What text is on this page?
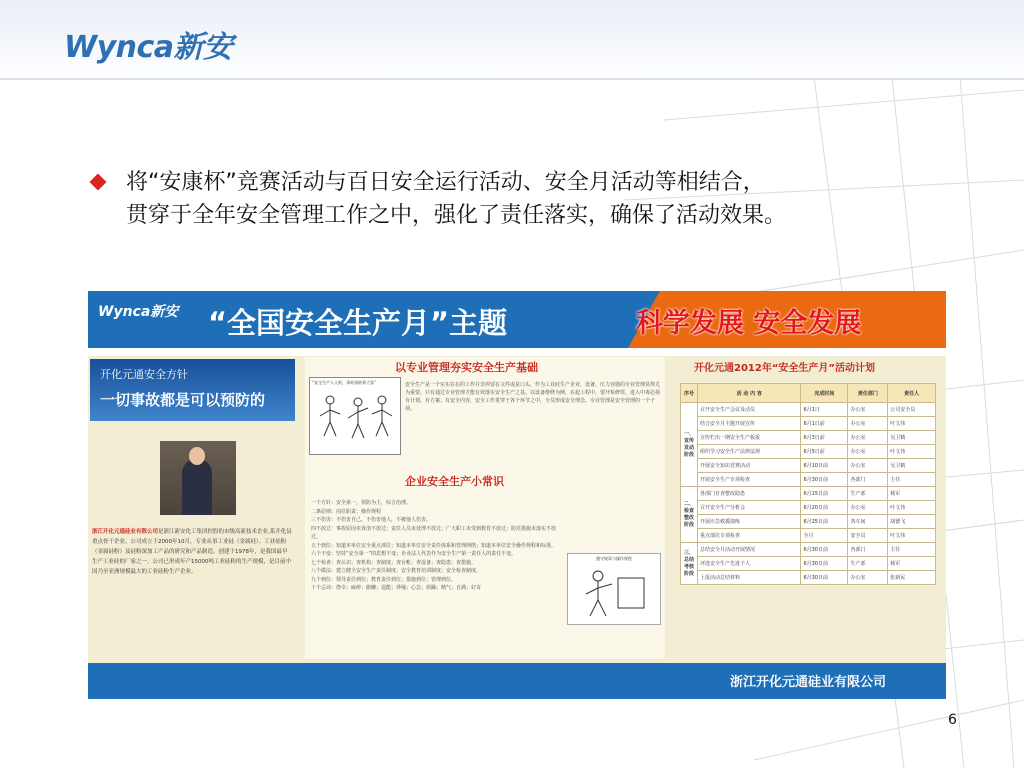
Wynca新安
将“安康杯”竞赛活动与百日安全运行活动、安全月活动等相结合，
贯穿于全年安全管理工作之中，强化了责任落实，确保了活动效果。
Wynca新安 “全国安全生产月”主题	科学发展 安全发展
开化元通安全方针
一切事故都是可以预防的
浙江开化元通硅业有限公司是浙江新安化工集团控股的市级高新技术企业,系开化县重点骨干企业。公司成立于2000年10月，专业从事工业硅（金属硅）、工业硅粉（金属硅粉）及硅粉深加工产品的研究和产品制造。创建于1978年，是我国最早生产工业硅的厂家之一。公司已形成年产15000吨工业硅粉的生产规模，是目前中国乃至亚洲规模最大的工业硅粉生产企业。
以专业管理夯实安全生产基础
“安全生产人人抓，事故预防靠大家”	安全生产是一个实实在在的工作并非停留在文件或是口头，作为工业硅生产企业，设备、压力容器的专业管理显得尤为重要，只有通过专业管理才能有效落实安全生产之基。以设备维修为例，在起工程中，要开检修票，进入中毒必须有计划、有方案、有安全内容，安全工作贯穿于各个环节之中，全员形成安全理念，专业管理是安全管理的一个子项。
企业安全生产小常识
一个方针：安全第一，预防为主，综合治理。
二条原则：岗位职责；操作规程
三不伤害：不伤害自己，不伤害他人，不被他人伤害。
四不放过：事故原因未查清不放过；责任人员未处理不放过；广大职工未受到教育不放过；防范措施未落实不放过。
五个到位：知道本单位安全重点部位；知道本单位安全责任体系和管理网络；知道本单位安全操作规程和标准。
六个不变：坚持“安全第一”的思想不变；企业法人代表作为安全生产第一责任人的责任不变。
七个检查：查认识；查机构；查制度；查台帐；查设备；查隐患；查措施。
八个做法：建立健全安全生产责任制度；安全教育培训制度；安全检查制度。
九个到位：领导责任到位；教育责任到位；措施到位；管理到位。
十个忌讳：侥幸；麻痹；偷懒；逞能；莽撞；心急；烦躁；赌气；自满；好奇
遵守规章与操作规程
开化元通2012年“安全生产月”活动计划
序号	活 动 内 容	完成时间	责任部门	责任人
一、宣传发动阶段	召开安全生产会议及动员	6月1日	办公室	公司安全员
	结合安全月主题开展宣传	6月1日前	办公室	叶文伟
	宣传栏出一期安全生产板报	6月3日前	办公室	吴卫鹤
	组织学习安全生产法律法规	6月5日前	办公室	叶文伟
	开展安全知识竞赛活动	6月10日前	办公室	吴卫鹤
	开展安全生产专项检查	6月30日前	各部门	主任
二、检查整改阶段	各部门自查整改隐患	6月15日前	生产部	杨军
	召开安全生产分析会	6月20日前	办公室	叶文伟
	开展应急救援演练	6月25日前	各车间	胡德飞
	重点部位专项检查	全月	安全员	叶文伟
三、总结考核阶段	总结安全月活动开展情况	6月30日前	各部门	主任
	评选安全生产先进个人	6月30日前	生产部	杨军
	上报活动总结材料	6月30日前	办公室	张新民
浙江开化元通硅业有限公司
6
